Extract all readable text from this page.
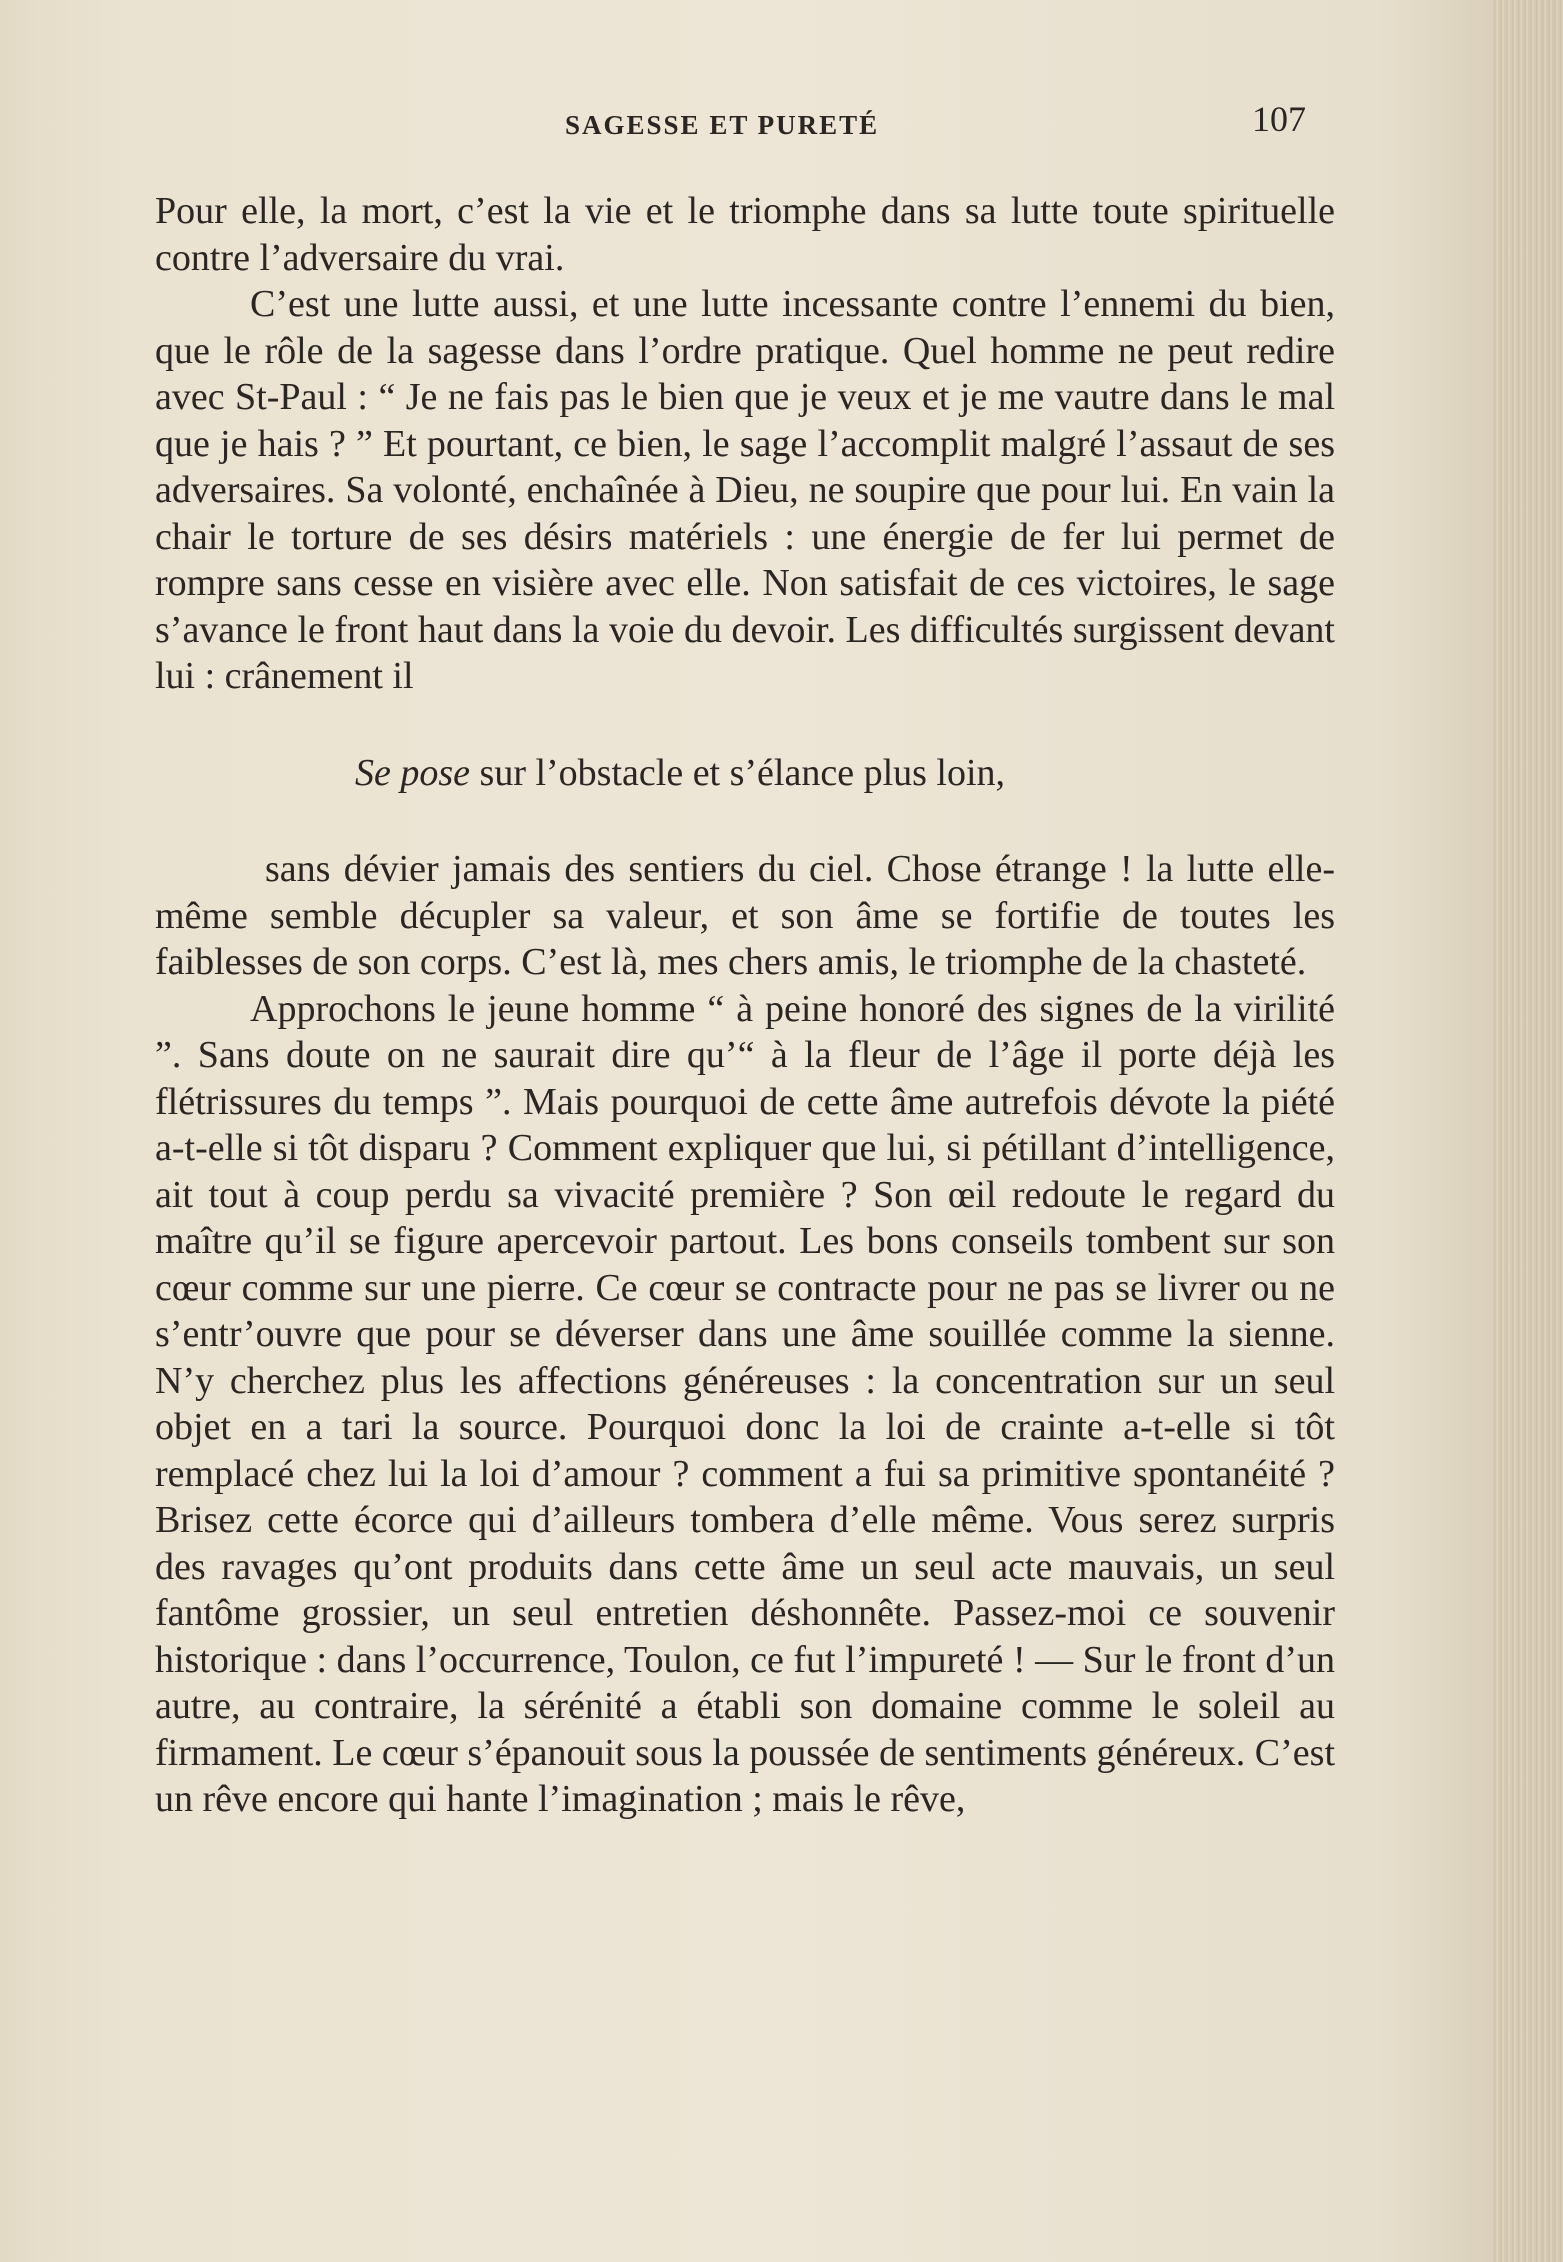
SAGESSE ET PURETÉ	107

Pour elle, la mort, c’est la vie et le triomphe dans sa lutte toute spirituelle contre l’adversaire du vrai.

C’est une lutte aussi, et une lutte incessante contre l’ennemi du bien, que le rôle de la sagesse dans l’ordre pratique. Quel homme ne peut redire avec St-Paul : “ Je ne fais pas le bien que je veux et je me vautre dans le mal que je hais ? ” Et pourtant, ce bien, le sage l’accomplit malgré l’assaut de ses adversaires. Sa volonté, enchaînée à Dieu, ne soupire que pour lui. En vain la chair le torture de ses désirs matériels : une énergie de fer lui permet de rompre sans cesse en visière avec elle. Non satisfait de ces victoires, le sage s’avance le front haut dans la voie du devoir. Les difficultés surgissent devant lui : crânement il

Se pose sur l’obstacle et s’élance plus loin,

sans dévier jamais des sentiers du ciel. Chose étrange ! la lutte elle-même semble décupler sa valeur, et son âme se fortifie de toutes les faiblesses de son corps. C’est là, mes chers amis, le triomphe de la chasteté.

Approchons le jeune homme “ à peine honoré des signes de la virilité ”. Sans doute on ne saurait dire qu’“ à la fleur de l’âge il porte déjà les flétrissures du temps ”. Mais pourquoi de cette âme autrefois dévote la piété a-t-elle si tôt disparu ? Comment expliquer que lui, si pétillant d’intelligence, ait tout à coup perdu sa vivacité première ? Son œil redoute le regard du maître qu’il se figure apercevoir partout. Les bons conseils tombent sur son cœur comme sur une pierre. Ce cœur se contracte pour ne pas se livrer ou ne s’entr’ouvre que pour se déverser dans une âme souillée comme la sienne. N’y cherchez plus les affections généreuses : la concentration sur un seul objet en a tari la source. Pourquoi donc la loi de crainte a-t-elle si tôt remplacé chez lui la loi d’amour ? comment a fui sa primitive spontanéité ? Brisez cette écorce qui d’ailleurs tombera d’elle même. Vous serez surpris des ravages qu’ont produits dans cette âme un seul acte mauvais, un seul fantôme grossier, un seul entretien déshonnête. Passez-moi ce souvenir historique : dans l’occurrence, Toulon, ce fut l’impureté ! — Sur le front d’un autre, au contraire, la sérénité a établi son domaine comme le soleil au firmament. Le cœur s’épanouit sous la poussée de sentiments généreux. C’est un rêve encore qui hante l’imagination ; mais le rêve,
